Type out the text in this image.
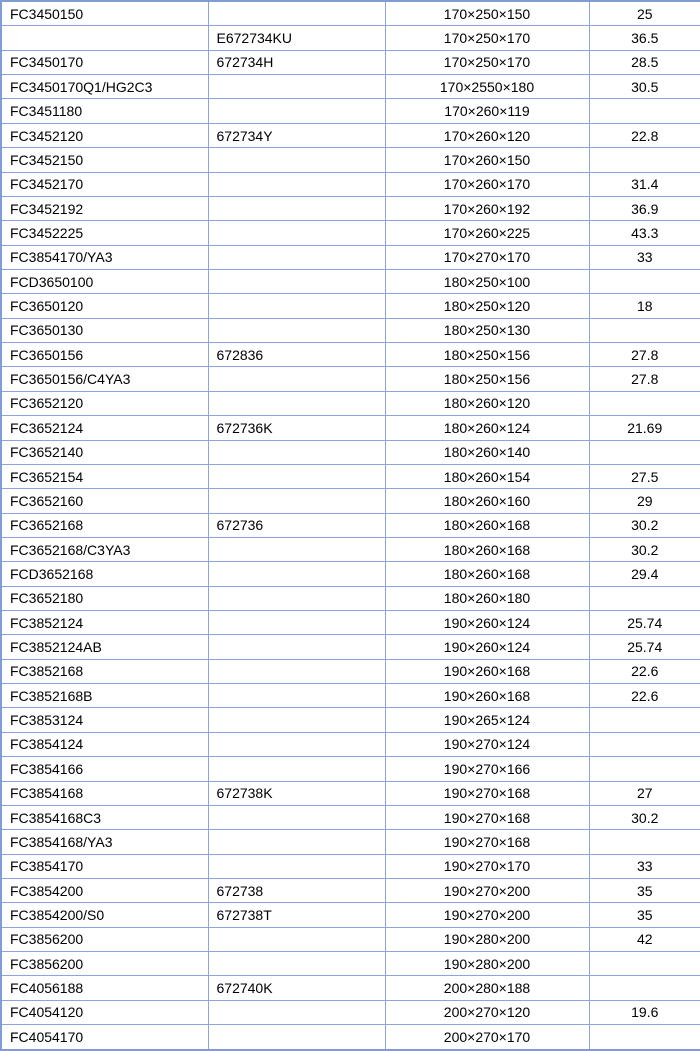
FC3450150		170×250×150	25
	E672734KU	170×250×170	36.5
FC3450170	672734H	170×250×170	28.5
FC3450170Q1/HG2C3		170×2550×180	30.5
FC3451180		170×260×119	
FC3452120	672734Y	170×260×120	22.8
FC3452150		170×260×150	
FC3452170		170×260×170	31.4
FC3452192		170×260×192	36.9
FC3452225		170×260×225	43.3
FC3854170/YA3		170×270×170	33
FCD3650100		180×250×100	
FC3650120		180×250×120	18
FC3650130		180×250×130	
FC3650156	672836	180×250×156	27.8
FC3650156/C4YA3		180×250×156	27.8
FC3652120		180×260×120	
FC3652124	672736K	180×260×124	21.69
FC3652140		180×260×140	
FC3652154		180×260×154	27.5
FC3652160		180×260×160	29
FC3652168	672736	180×260×168	30.2
FC3652168/C3YA3		180×260×168	30.2
FCD3652168		180×260×168	29.4
FC3652180		180×260×180	
FC3852124		190×260×124	25.74
FC3852124AB		190×260×124	25.74
FC3852168		190×260×168	22.6
FC3852168B		190×260×168	22.6
FC3853124		190×265×124	
FC3854124		190×270×124	
FC3854166		190×270×166	
FC3854168	672738K	190×270×168	27
FC3854168C3		190×270×168	30.2
FC3854168/YA3		190×270×168	
FC3854170		190×270×170	33
FC3854200	672738	190×270×200	35
FC3854200/S0	672738T	190×270×200	35
FC3856200		190×280×200	42
FC3856200		190×280×200	
FC4056188	672740K	200×280×188	
FC4054120		200×270×120	19.6
FC4054170		200×270×170	
